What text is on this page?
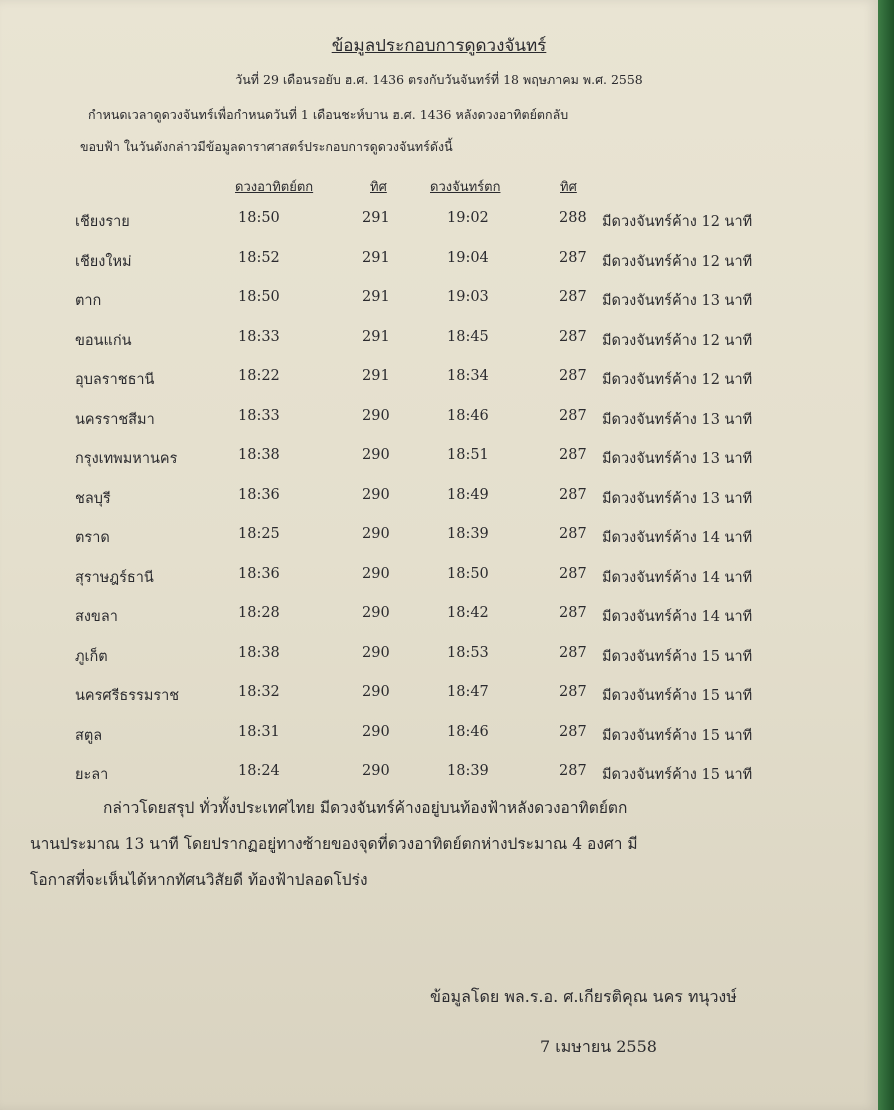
ข้อมูลประกอบการดูดวงจันทร์
วันที่ 29 เดือนรอยับ ฮ.ศ. 1436 ตรงกับวันจันทร์ที่ 18 พฤษภาคม พ.ศ. 2558
กำหนดเวลาดูดวงจันทร์เพื่อกำหนดวันที่ 1 เดือนชะห์บาน ฮ.ศ. 1436 หลังดวงอาทิตย์ตกลับ
ขอบฟ้า ในวันดังกล่าวมีข้อมูลดาราศาสตร์ประกอบการดูดวงจันทร์ดังนี้
ดวงอาทิตย์ตก	ทิศ	ดวงจันทร์ตก	ทิศ
เชียงราย	18:50	291	19:02	288 มีดวงจันทร์ค้าง 12 นาที
เชียงใหม่	18:52	291	19:04	287 มีดวงจันทร์ค้าง 12 นาที
ตาก	18:50	291	19:03	287 มีดวงจันทร์ค้าง 13 นาที
ขอนแก่น	18:33	291	18:45	287 มีดวงจันทร์ค้าง 12 นาที
อุบลราชธานี	18:22	291	18:34	287 มีดวงจันทร์ค้าง 12 นาที
นครราชสีมา	18:33	290	18:46	287 มีดวงจันทร์ค้าง 13 นาที
กรุงเทพมหานคร	18:38	290	18:51	287 มีดวงจันทร์ค้าง 13 นาที
ชลบุรี	18:36	290	18:49	287 มีดวงจันทร์ค้าง 13 นาที
ตราด	18:25	290	18:39	287 มีดวงจันทร์ค้าง 14 นาที
สุราษฎร์ธานี	18:36	290	18:50	287 มีดวงจันทร์ค้าง 14 นาที
สงขลา	18:28	290	18:42	287 มีดวงจันทร์ค้าง 14 นาที
ภูเก็ต	18:38	290	18:53	287 มีดวงจันทร์ค้าง 15 นาที
นครศรีธรรมราช	18:32	290	18:47	287 มีดวงจันทร์ค้าง 15 นาที
สตูล	18:31	290	18:46	287 มีดวงจันทร์ค้าง 15 นาที
ยะลา	18:24	290	18:39	287 มีดวงจันทร์ค้าง 15 นาที

กล่าวโดยสรุป ทั่วทั้งประเทศไทย มีดวงจันทร์ค้างอยู่บนท้องฟ้าหลังดวงอาทิตย์ตก

นานประมาณ 13 นาที โดยปรากฏอยู่ทางซ้ายของจุดที่ดวงอาทิตย์ตกห่างประมาณ 4 องศา มี

โอกาสที่จะเห็นได้หากทัศนวิสัยดี ท้องฟ้าปลอดโปร่ง

ข้อมูลโดย พล.ร.อ. ศ.เกียรติคุณ นคร ทนุวงษ์
7 เมษายน 2558
